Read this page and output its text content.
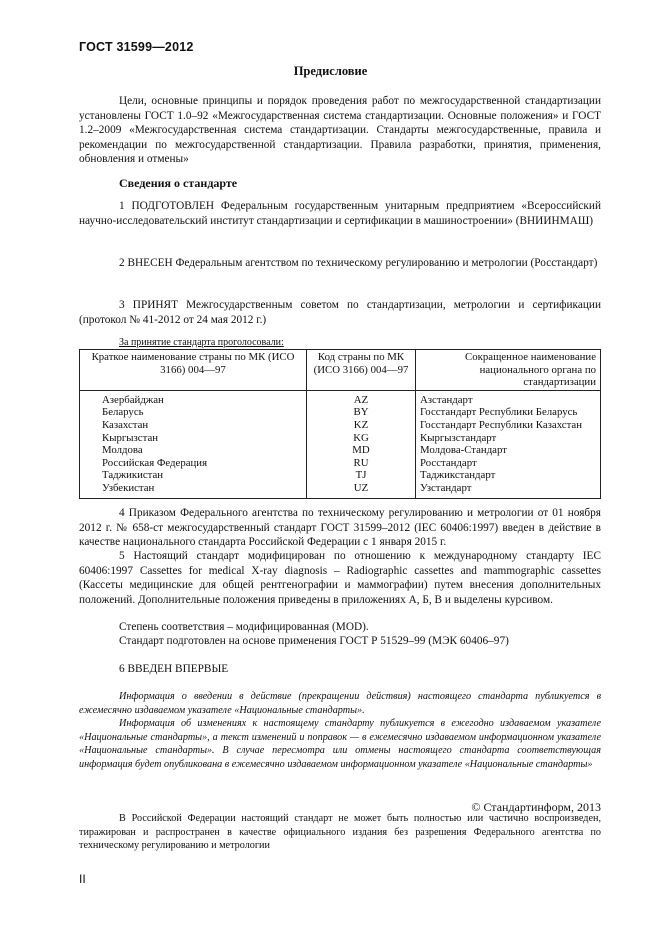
ГОСТ 31599—2012
Предисловие
Цели, основные принципы и порядок проведения работ по межгосударственной стандартизации установлены ГОСТ 1.0–92 «Межгосударственная система стандартизации. Основные положения» и ГОСТ 1.2–2009 «Межгосударственная система стандартизации. Стандарты межгосударственные, правила и рекомендации по межгосударственной стандартизации. Правила разработки, принятия, применения, обновления и отмены»
Сведения о стандарте
1 ПОДГОТОВЛЕН Федеральным государственным унитарным предприятием «Всероссийский научно-исследовательский институт стандартизации и сертификации в машиностроении» (ВНИИНМАШ)
2 ВНЕСЕН Федеральным агентством по техническому регулированию и метрологии (Росстандарт)
3 ПРИНЯТ Межгосударственным советом по стандартизации, метрологии и сертификации (протокол № 41-2012 от 24 мая 2012 г.)
За принятие стандарта проголосовали:
Краткое наименование страны по МК (ИСО 3166) 004—97	Код страны по МК (ИСО 3166) 004—97	Сокращенное наименование национального органа по стандартизации
Азербайджан	AZ	Азстандарт
Беларусь	BY	Госстандарт Республики Беларусь
Казахстан	KZ	Госстандарт Республики Казахстан
Кыргызстан	KG	Кыргызстандарт
Молдова	MD	Молдова-Стандарт
Российская Федерация	RU	Росстандарт
Таджикистан	TJ	Таджикстандарт
Узбекистан	UZ	Узстандарт
4 Приказом Федерального агентства по техническому регулированию и метрологии от 01 ноября 2012 г. № 658-ст межгосударственный стандарт ГОСТ 31599–2012 (IEC 60406:1997) введен в действие в качестве национального стандарта Российской Федерации с 1 января 2015 г.
5 Настоящий стандарт модифицирован по отношению к международному стандарту IEC 60406:1997 Cassettes for medical X-ray diagnosis – Radiographic cassettes and mammographic cassettes (Кассеты медицинские для общей рентгенографии и маммографии) путем внесения дополнительных положений. Дополнительные положения приведены в приложениях А, Б, В и выделены курсивом.
Степень соответствия – модифицированная (MOD).
Стандарт подготовлен на основе применения ГОСТ Р 51529–99 (МЭК 60406–97)
6 ВВЕДЕН ВПЕРВЫЕ
Информация о введении в действие (прекращении действия) настоящего стандарта публикуется в ежемесячно издаваемом указателе «Национальные стандарты».
Информация об изменениях к настоящему стандарту публикуется в ежегодно издаваемом указателе «Национальные стандарты», а текст изменений и поправок — в ежемесячно издаваемом информационном указателе «Национальные стандарты». В случае пересмотра или отмены настоящего стандарта соответствующая информация будет опубликована в ежемесячно издаваемом информационном указателе «Национальные стандарты»
© Стандартинформ, 2013
В Российской Федерации настоящий стандарт не может быть полностью или частично воспроизведен, тиражирован и распространен в качестве официального издания без разрешения Федерального агентства по техническому регулированию и метрологии
II
